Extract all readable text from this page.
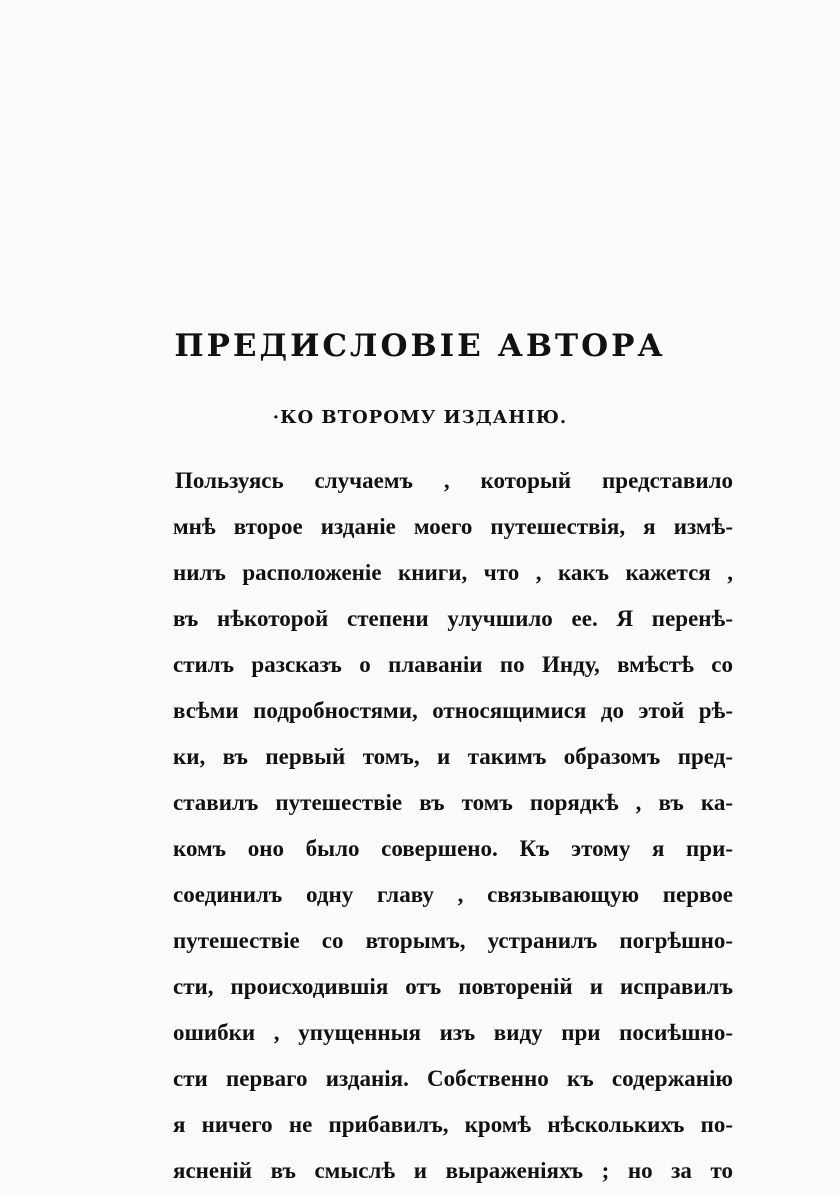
ПРЕДИСЛОВІЕ АВТОРА
·КО ВТОРОМУ ИЗДАНІЮ.
Пользуясь случаемъ , который представило
мнѣ второе изданіе моего путешествія, я измѣ-
нилъ расположеніе книги, что , какъ кажется ,
въ нѣкоторой степени улучшило ее. Я перенѣ-
стилъ разсказъ о плаваніи по Инду, вмѣстѣ со
всѣми подробностями, относящимися до этой рѣ-
ки, въ первый томъ, и такимъ образомъ пред-
ставилъ путешествіе въ томъ порядкѣ , въ ка-
комъ оно было совершено. Къ этому я при-
соединилъ одну главу , связывающую первое
путешествіе со вторымъ, устранилъ погрѣшно-
сти, происходившія отъ повтореній и исправилъ
ошибки , упущенныя изъ виду при посиѣшно-
сти перваго изданія. Собственно къ содержанію
я ничего не прибавилъ, кромѣ нѣсколькихъ по-
ясненій въ смыслѣ и выраженіяхъ ; но за то
